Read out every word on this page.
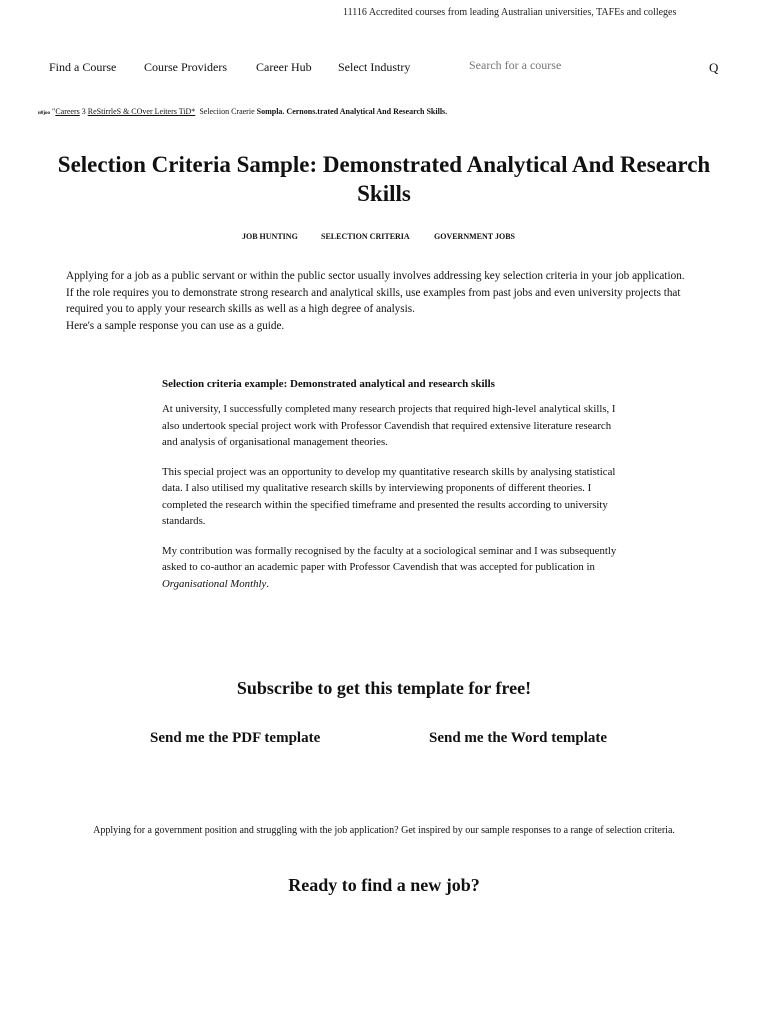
11116 Accredited courses from leading Australian universities, TAFEs and colleges
Find a Course Course Providers Career Hub Select Industry
Search for a course	Q
н0јоо "Careers 3 ReStirrleS & COver Leiters TiD* Seleciion Craerie Sompla. Cernons.trated Analytical And Research Skills.
Selection Criteria Sample: Demonstrated Analytical And Research Skills
JOB HUNTING	SELECTION CRITERIA	GOVERNMENT JOBS

Applying for a job as a public servant or within the public sector usually involves addressing key selection criteria in your job application.

If the role requires you to demonstrate strong research and analytical skills, use examples from past jobs and even university projects that required you to apply your research skills as well as a high degree of analysis.

Here's a sample response you can use as a guide.

Selection criteria example: Demonstrated analytical and research skills

At university, I successfully completed many research projects that required high-level analytical skills, I also undertook special project work with Professor Cavendish that required extensive literature research and analysis of organisational management theories.

This special project was an opportunity to develop my quantitative research skills by analysing statistical data. I also utilised my qualitative research skills by interviewing proponents of different theories. I completed the research within the specified timeframe and presented the results according to university standards.

My contribution was formally recognised by the faculty at a sociological seminar and I was subsequently asked to co-author an academic paper with Professor Cavendish that was accepted for publication in Organisational Monthly.

Subscribe to get this template for free!
Send me the PDF template	Send me the Word template

Applying for a government position and struggling with the job application? Get inspired by our sample responses to a range of selection criteria.

Ready to find a new job?
